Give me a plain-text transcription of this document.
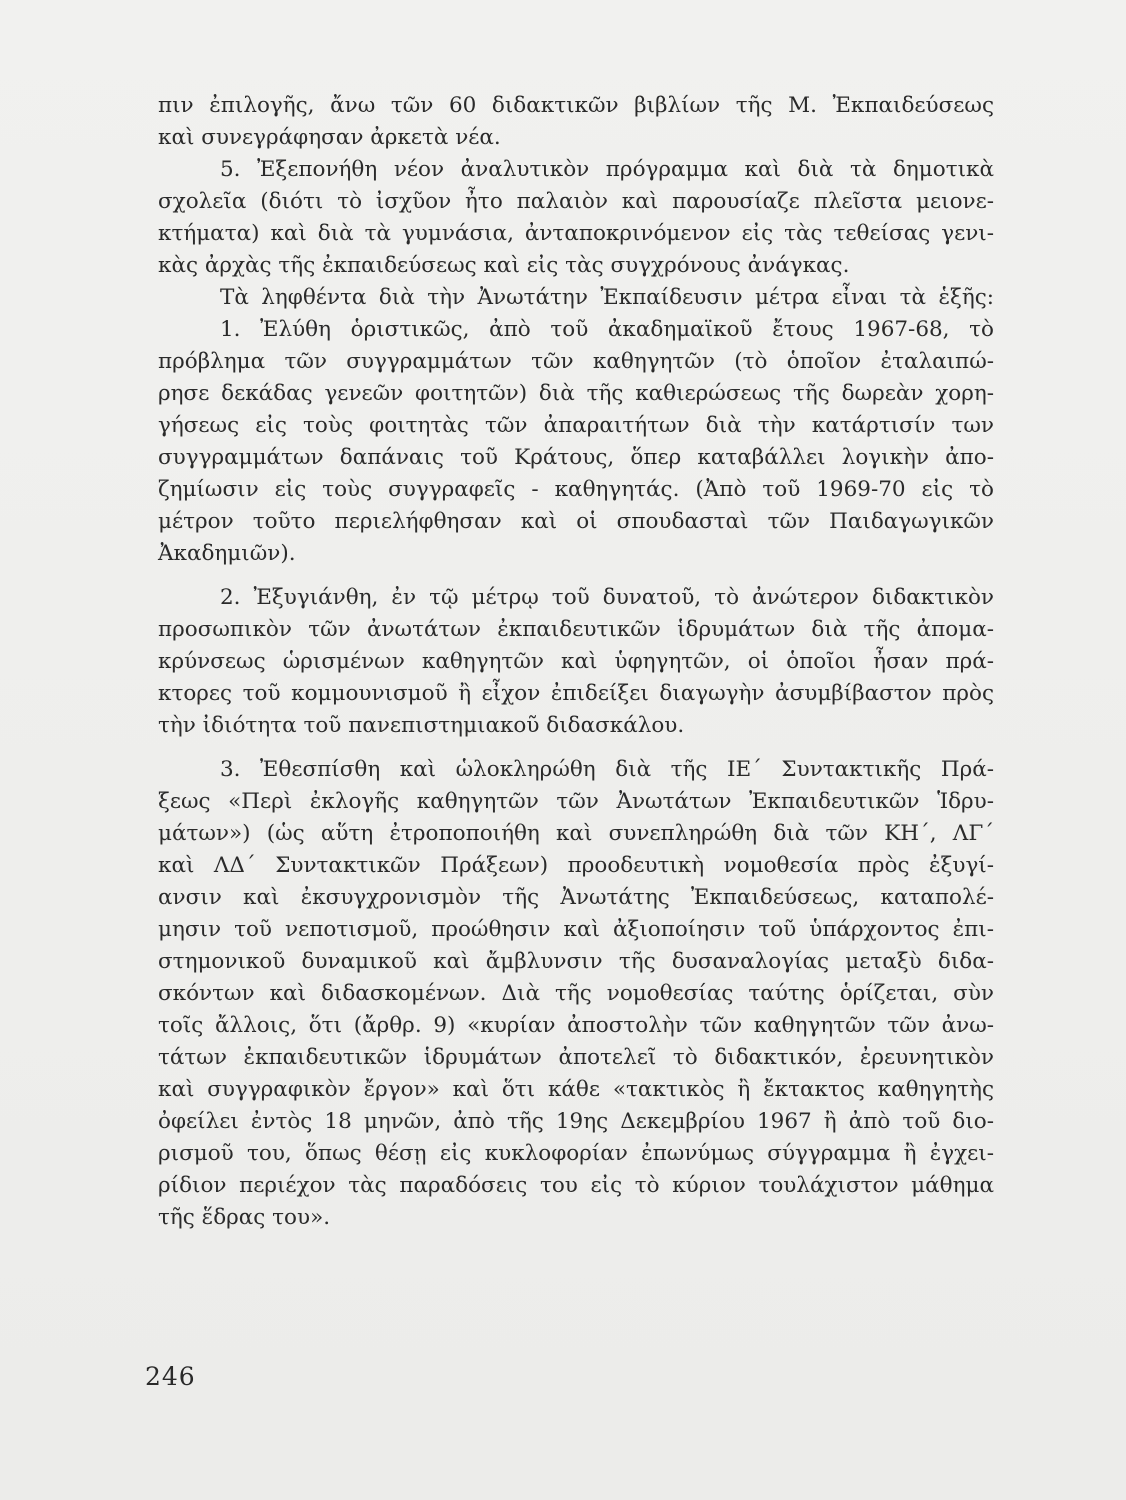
πιν ἐπιλογῆς, ἄνω τῶν 60 διδακτικῶν βιβλίων τῆς Μ. Ἐκπαιδεύσεως
καὶ συνεγράφησαν ἀρκετὰ νέα.
5. Ἐξεπονήθη νέον ἀναλυτικὸν πρόγραμμα καὶ διὰ τὰ δημοτικὰ
σχολεῖα (διότι τὸ ἰσχῦον ἦτο παλαιὸν καὶ παρουσίαζε πλεῖστα μειονε-
κτήματα) καὶ διὰ τὰ γυμνάσια, ἀνταποκρινόμενον εἰς τὰς τεθείσας γενι-
κὰς ἀρχὰς τῆς ἐκπαιδεύσεως καὶ εἰς τὰς συγχρόνους ἀνάγκας.
Τὰ ληφθέντα διὰ τὴν Ἀνωτάτην Ἐκπαίδευσιν μέτρα εἶναι τὰ ἑξῆς:
1. Ἐλύθη ὁριστικῶς, ἀπὸ τοῦ ἀκαδημαϊκοῦ ἔτους 1967-68, τὸ
πρόβλημα τῶν συγγραμμάτων τῶν καθηγητῶν (τὸ ὁποῖον ἐταλαιπώ-
ρησε δεκάδας γενεῶν φοιτητῶν) διὰ τῆς καθιερώσεως τῆς δωρεὰν χορη-
γήσεως εἰς τοὺς φοιτητὰς τῶν ἀπαραιτήτων διὰ τὴν κατάρτισίν των
συγγραμμάτων δαπάναις τοῦ Κράτους, ὅπερ καταβάλλει λογικὴν ἀπο-
ζημίωσιν εἰς τοὺς συγγραφεῖς - καθηγητάς. (Ἀπὸ τοῦ 1969-70 εἰς τὸ
μέτρον τοῦτο περιελήφθησαν καὶ οἱ σπουδασταὶ τῶν Παιδαγωγικῶν
Ἀκαδημιῶν).
2. Ἐξυγιάνθη, ἐν τῷ μέτρῳ τοῦ δυνατοῦ, τὸ ἀνώτερον διδακτικὸν
προσωπικὸν τῶν ἀνωτάτων ἐκπαιδευτικῶν ἱδρυμάτων διὰ τῆς ἀπομα-
κρύνσεως ὡρισμένων καθηγητῶν καὶ ὑφηγητῶν, οἱ ὁποῖοι ἦσαν πρά-
κτορες τοῦ κομμουνισμοῦ ἢ εἶχον ἐπιδείξει διαγωγὴν ἀσυμβίβαστον πρὸς
τὴν ἰδιότητα τοῦ πανεπιστημιακοῦ διδασκάλου.
3. Ἐθεσπίσθη καὶ ὡλοκληρώθη διὰ τῆς ΙΕ΄ Συντακτικῆς Πρά-
ξεως «Περὶ ἐκλογῆς καθηγητῶν τῶν Ἀνωτάτων Ἐκπαιδευτικῶν Ἱδρυ-
μάτων») (ὡς αὕτη ἐτροποποιήθη καὶ συνεπληρώθη διὰ τῶν ΚΗ΄, ΛΓ΄
καὶ ΛΔ΄ Συντακτικῶν Πράξεων) προοδευτικὴ νομοθεσία πρὸς ἐξυγί-
ανσιν καὶ ἐκσυγχρονισμὸν τῆς Ἀνωτάτης Ἐκπαιδεύσεως, καταπολέ-
μησιν τοῦ νεποτισμοῦ, προώθησιν καὶ ἀξιοποίησιν τοῦ ὑπάρχοντος ἐπι-
στημονικοῦ δυναμικοῦ καὶ ἄμβλυνσιν τῆς δυσαναλογίας μεταξὺ διδα-
σκόντων καὶ διδασκομένων. Διὰ τῆς νομοθεσίας ταύτης ὁρίζεται, σὺν
τοῖς ἄλλοις, ὅτι (ἄρθρ. 9) «κυρίαν ἀποστολὴν τῶν καθηγητῶν τῶν ἀνω-
τάτων ἐκπαιδευτικῶν ἱδρυμάτων ἀποτελεῖ τὸ διδακτικόν, ἐρευνητικὸν
καὶ συγγραφικὸν ἔργον» καὶ ὅτι κάθε «τακτικὸς ἢ ἔκτακτος καθηγητὴς
ὀφείλει ἐντὸς 18 μηνῶν, ἀπὸ τῆς 19ης Δεκεμβρίου 1967 ἢ ἀπὸ τοῦ διο-
ρισμοῦ του, ὅπως θέσῃ εἰς κυκλοφορίαν ἐπωνύμως σύγγραμμα ἢ ἐγχει-
ρίδιον περιέχον τὰς παραδόσεις του εἰς τὸ κύριον τουλάχιστον μάθημα
τῆς ἕδρας του».
246
